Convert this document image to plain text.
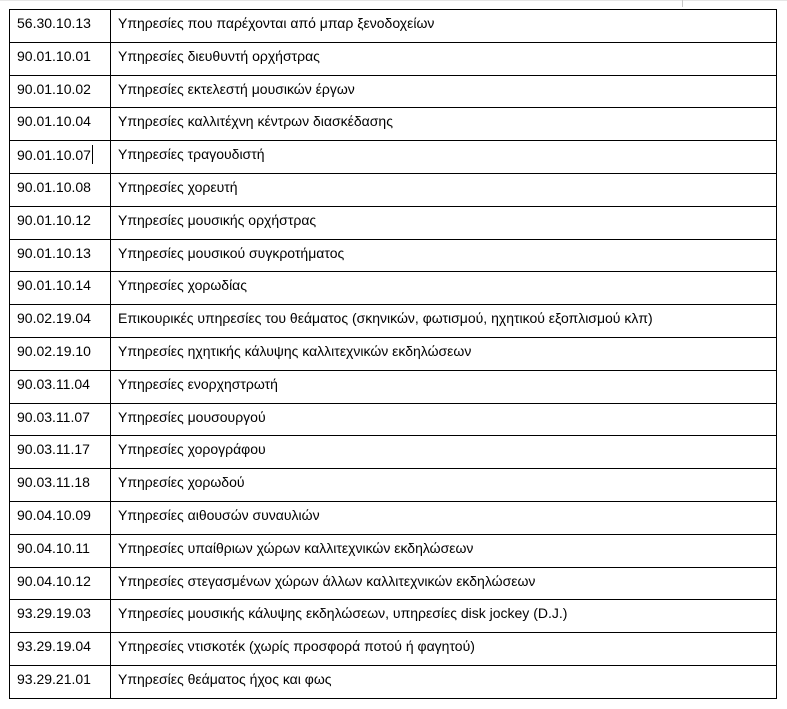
56.30.10.13	Υπηρεσίες που παρέχονται από μπαρ ξενοδοχείων
90.01.10.01	Υπηρεσίες διευθυντή ορχήστρας
90.01.10.02	Υπηρεσίες εκτελεστή μουσικών έργων
90.01.10.04	Υπηρεσίες καλλιτέχνη κέντρων διασκέδασης
90.01.10.07	Υπηρεσίες τραγουδιστή
90.01.10.08	Υπηρεσίες χορευτή
90.01.10.12	Υπηρεσίες μουσικής ορχήστρας
90.01.10.13	Υπηρεσίες μουσικού συγκροτήματος
90.01.10.14	Υπηρεσίες χορωδίας
90.02.19.04	Επικουρικές υπηρεσίες του θεάματος (σκηνικών, φωτισμού, ηχητικού εξοπλισμού κλπ)
90.02.19.10	Υπηρεσίες ηχητικής κάλυψης καλλιτεχνικών εκδηλώσεων
90.03.11.04	Υπηρεσίες ενορχηστρωτή
90.03.11.07	Υπηρεσίες μουσουργού
90.03.11.17	Υπηρεσίες χορογράφου
90.03.11.18	Υπηρεσίες χορωδού
90.04.10.09	Υπηρεσίες αιθουσών συναυλιών
90.04.10.11	Υπηρεσίες υπαίθριων χώρων καλλιτεχνικών εκδηλώσεων
90.04.10.12	Υπηρεσίες στεγασμένων χώρων άλλων καλλιτεχνικών εκδηλώσεων
93.29.19.03	Υπηρεσίες μουσικής κάλυψης εκδηλώσεων, υπηρεσίες disk jockey (D.J.)
93.29.19.04	Υπηρεσίες ντισκοτέκ (χωρίς προσφορά ποτού ή φαγητού)
93.29.21.01	Υπηρεσίες θεάματος ήχος και φως
